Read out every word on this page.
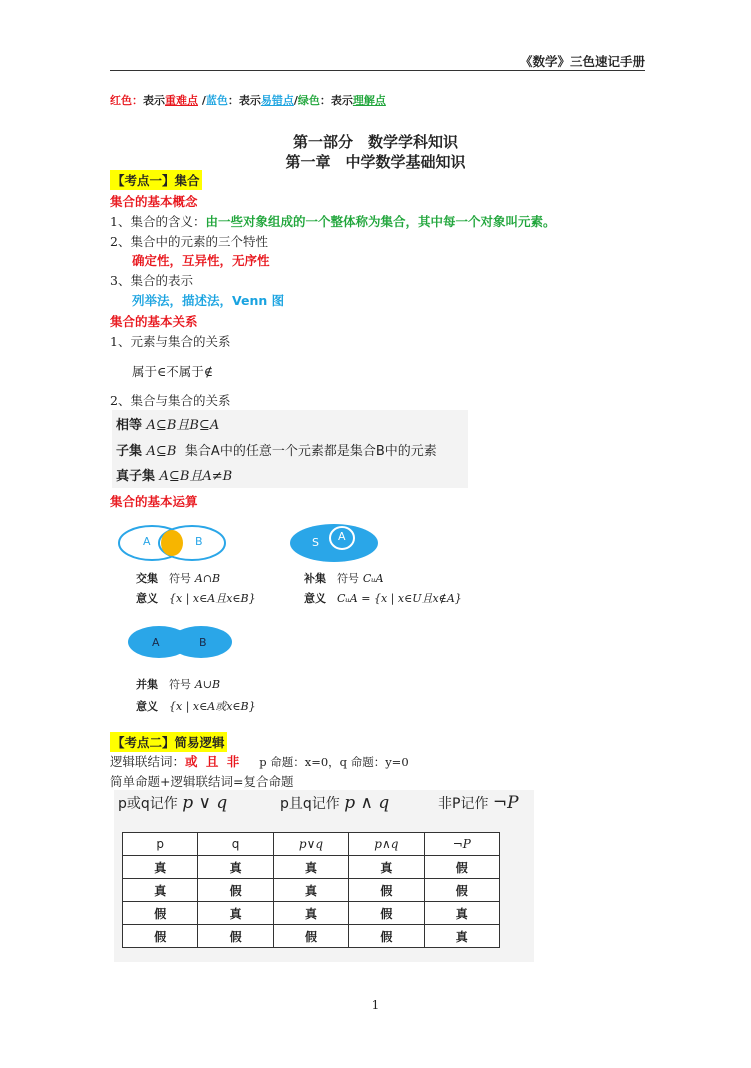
《数学》三色速记手册
红色：表示重难点 /蓝色：表示易错点/绿色：表示理解点
第一部分　数学学科知识
第一章　中学数学基础知识
【考点一】集合
集合的基本概念
1、集合的含义：由一些对象组成的一个整体称为集合，其中每一个对象叫元素。
2、集合中的元素的三个特性
确定性，互异性，无序性
3、集合的表示
列举法，描述法，Venn 图
集合的基本关系
1、元素与集合的关系
属于∈不属于∉
2、集合与集合的关系
相等 A⊆B且B⊆A
子集 A⊆B 集合A中的任意一个元素都是集合B中的元素
真子集 A⊆B且A≠B
集合的基本运算
A	B
交集　 符号 A∩B
意义　 {x | x∈A且x∈B}
S A
补集　 符号 CᵤA
意义　 CᵤA = {x | x∈U且x∉A}
A	B
并集　 符号 A∪B
意义　 {x | x∈A或x∈B}
【考点二】简易逻辑
逻辑联结词：或 且 非 p 命题：x=0，q 命题：y=0
简单命题+逻辑联结词=复合命题
p或q记作 p ∨ q	p且q记作 p ∧ q	非P记作 ¬P
p	q	p∨q	p∧q	¬P
真	真	真	真	假
真	假	真	假	假
假	真	真	假	真
假	假	假	假	真
1
